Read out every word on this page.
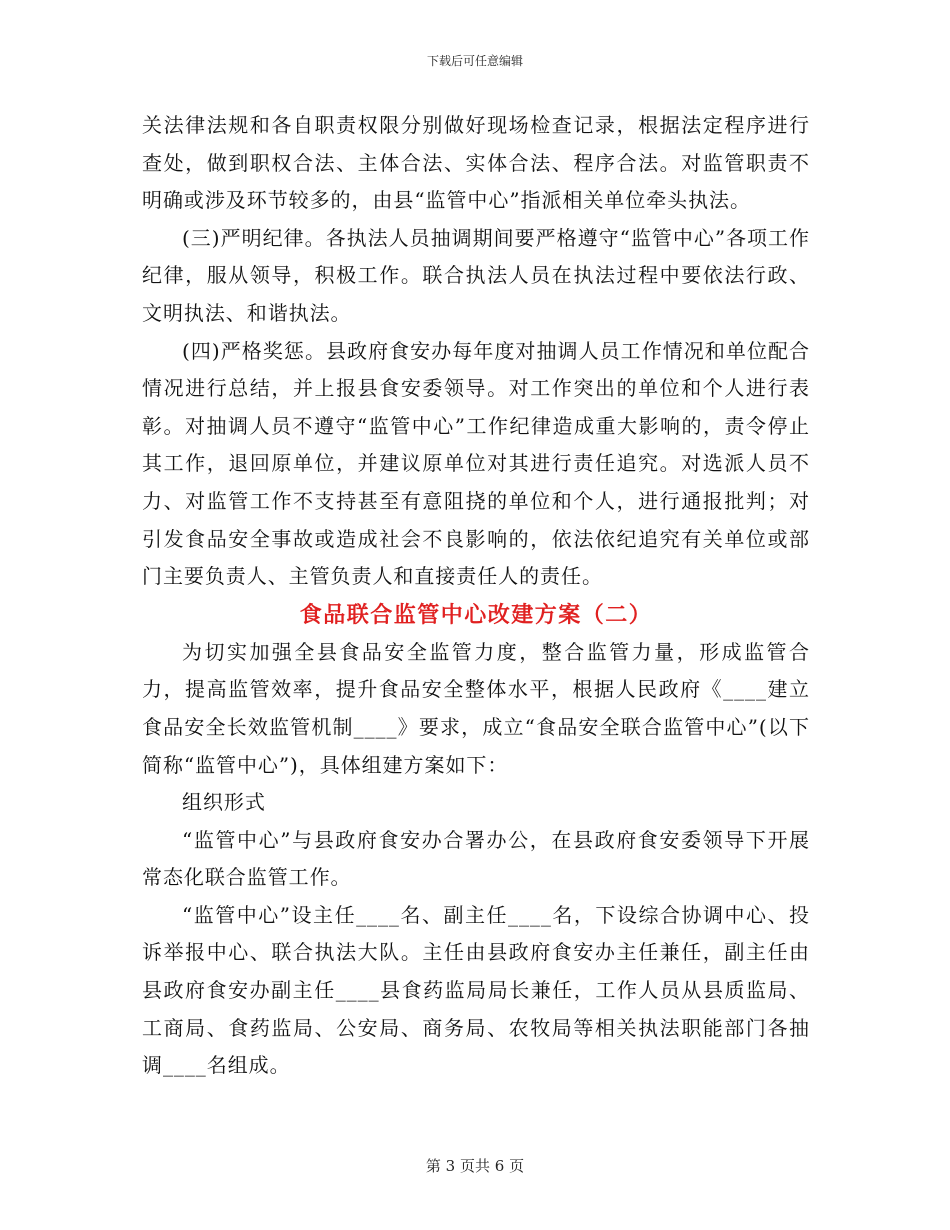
下载后可任意编辑

关法律法规和各自职责权限分别做好现场检查记录，根据法定程序进行查处，做到职权合法、主体合法、实体合法、程序合法。对监管职责不明确或涉及环节较多的，由县“监管中心”指派相关单位牵头执法。

(三)严明纪律。各执法人员抽调期间要严格遵守“监管中心”各项工作纪律，服从领导，积极工作。联合执法人员在执法过程中要依法行政、文明执法、和谐执法。

(四)严格奖惩。县政府食安办每年度对抽调人员工作情况和单位配合情况进行总结，并上报县食安委领导。对工作突出的单位和个人进行表彰。对抽调人员不遵守“监管中心”工作纪律造成重大影响的，责令停止其工作，退回原单位，并建议原单位对其进行责任追究。对选派人员不力、对监管工作不支持甚至有意阻挠的单位和个人，进行通报批判；对引发食品安全事故或造成社会不良影响的，依法依纪追究有关单位或部门主要负责人、主管负责人和直接责任人的责任。

食品联合监管中心改建方案（二）

为切实加强全县食品安全监管力度，整合监管力量，形成监管合力，提高监管效率，提升食品安全整体水平，根据人民政府《____建立食品安全长效监管机制____》要求，成立“食品安全联合监管中心”(以下简称“监管中心”)，具体组建方案如下：

组织形式

“监管中心”与县政府食安办合署办公，在县政府食安委领导下开展常态化联合监管工作。

“监管中心”设主任____名、副主任____名，下设综合协调中心、投诉举报中心、联合执法大队。主任由县政府食安办主任兼任，副主任由县政府食安办副主任____县食药监局局长兼任，工作人员从县质监局、工商局、食药监局、公安局、商务局、农牧局等相关执法职能部门各抽调____名组成。

第 3 页共 6 页
